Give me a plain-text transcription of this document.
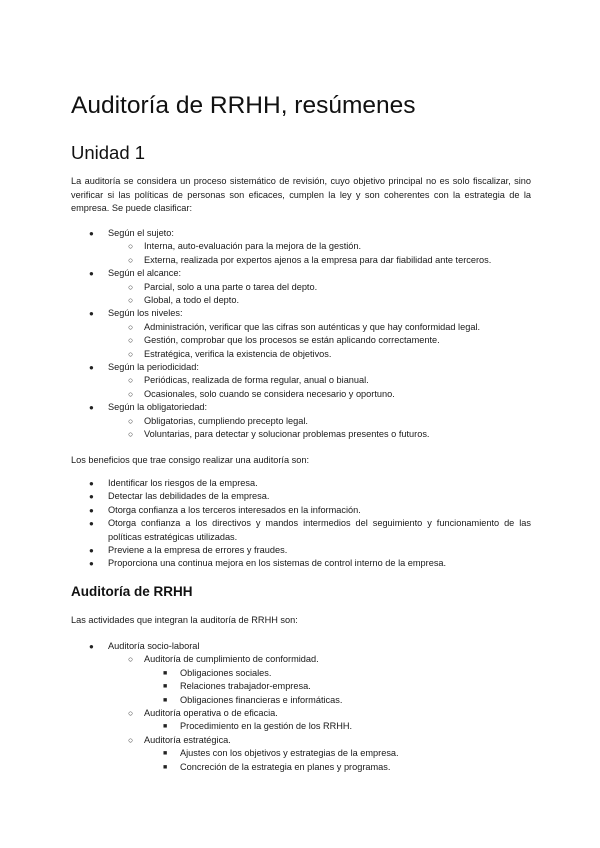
Auditoría de RRHH, resúmenes
Unidad 1

La auditoría se considera un proceso sistemático de revisión, cuyo objetivo principal no es solo fiscalizar, sino verificar si las políticas de personas son eficaces, cumplen la ley y son coherentes con la estrategia de la empresa. Se puede clasificar:

● Según el sujeto:
○ Interna, auto-evaluación para la mejora de la gestión.
○ Externa, realizada por expertos ajenos a la empresa para dar fiabilidad ante terceros.
● Según el alcance:
○ Parcial, solo a una parte o tarea del depto.
○ Global, a todo el depto.
● Según los niveles:
○ Administración, verificar que las cifras son auténticas y que hay conformidad legal.
○ Gestión, comprobar que los procesos se están aplicando correctamente.
○ Estratégica, verifica la existencia de objetivos.
● Según la periodicidad:
○ Periódicas, realizada de forma regular, anual o bianual.
○ Ocasionales, solo cuando se considera necesario y oportuno.
● Según la obligatoriedad:
○ Obligatorias, cumpliendo precepto legal.
○ Voluntarias, para detectar y solucionar problemas presentes o futuros.

Los beneficios que trae consigo realizar una auditoría son:

● Identificar los riesgos de la empresa.
● Detectar las debilidades de la empresa.
● Otorga confianza a los terceros interesados en la información.
● Otorga confianza a los directivos y mandos intermedios del seguimiento y funcionamiento de las políticas estratégicas utilizadas.
● Previene a la empresa de errores y fraudes.
● Proporciona una continua mejora en los sistemas de control interno de la empresa.
Auditoría de RRHH

Las actividades que integran la auditoría de RRHH son:

● Auditoría socio-laboral
○ Auditoría de cumplimiento de conformidad.
■ Obligaciones sociales.
■ Relaciones trabajador-empresa.
■ Obligaciones financieras e informáticas.
○ Auditoría operativa o de eficacia.
■ Procedimiento en la gestión de los RRHH.
○ Auditoría estratégica.
■ Ajustes con los objetivos y estrategias de la empresa.
■ Concreción de la estrategia en planes y programas.
